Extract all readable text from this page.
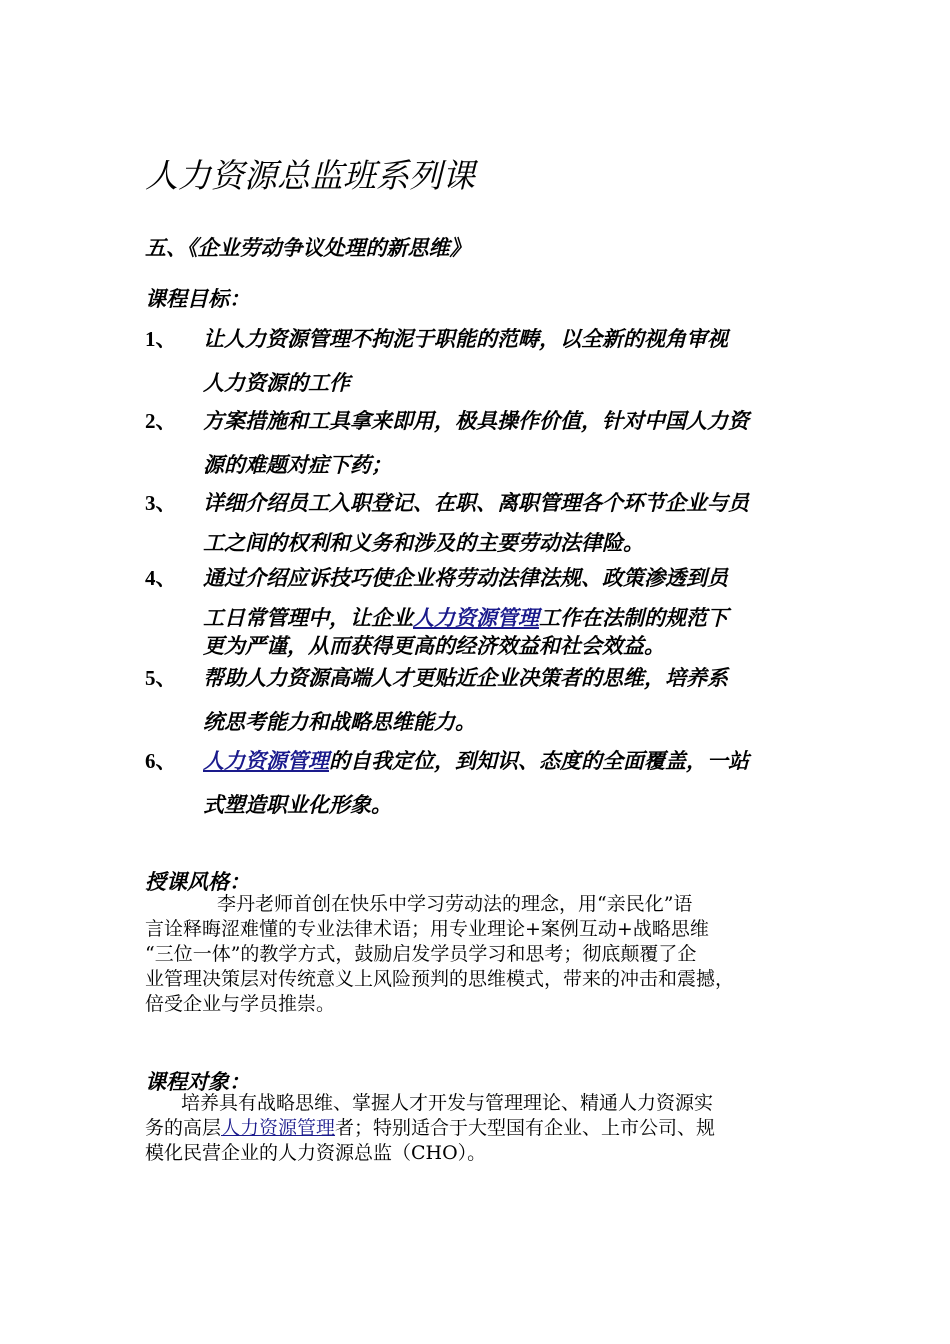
人力资源总监班系列课

五、《企业劳动争议处理的新思维》

课程目标：

1、 让人力资源管理不拘泥于职能的范畴，以全新的视角审视
人力资源的工作
2、 方案措施和工具拿来即用，极具操作价值，针对中国人力资
源的难题对症下药；
3、 详细介绍员工入职登记、在职、离职管理各个环节企业与员
工之间的权利和义务和涉及的主要劳动法律险。
4、 通过介绍应诉技巧使企业将劳动法律法规、政策渗透到员
工日常管理中，让企业人力资源管理工作在法制的规范下
更为严谨，从而获得更高的经济效益和社会效益。
5、 帮助人力资源高端人才更贴近企业决策者的思维，培养系
统思考能力和战略思维能力。
6、 人力资源管理的自我定位，到知识、态度的全面覆盖，一站
式塑造职业化形象。

授课风格：

李丹老师首创在快乐中学习劳动法的理念，用“亲民化”语
言诠释晦涩难懂的专业法律术语；用专业理论+案例互动+战略思维
“三位一体”的教学方式，鼓励启发学员学习和思考；彻底颠覆了企
业管理决策层对传统意义上风险预判的思维模式，带来的冲击和震撼，
倍受企业与学员推崇。

课程对象：

培养具有战略思维、掌握人才开发与管理理论、精通人力资源实
务的高层人力资源管理者；特别适合于大型国有企业、上市公司、规
模化民营企业的人力资源总监（CHO）。
